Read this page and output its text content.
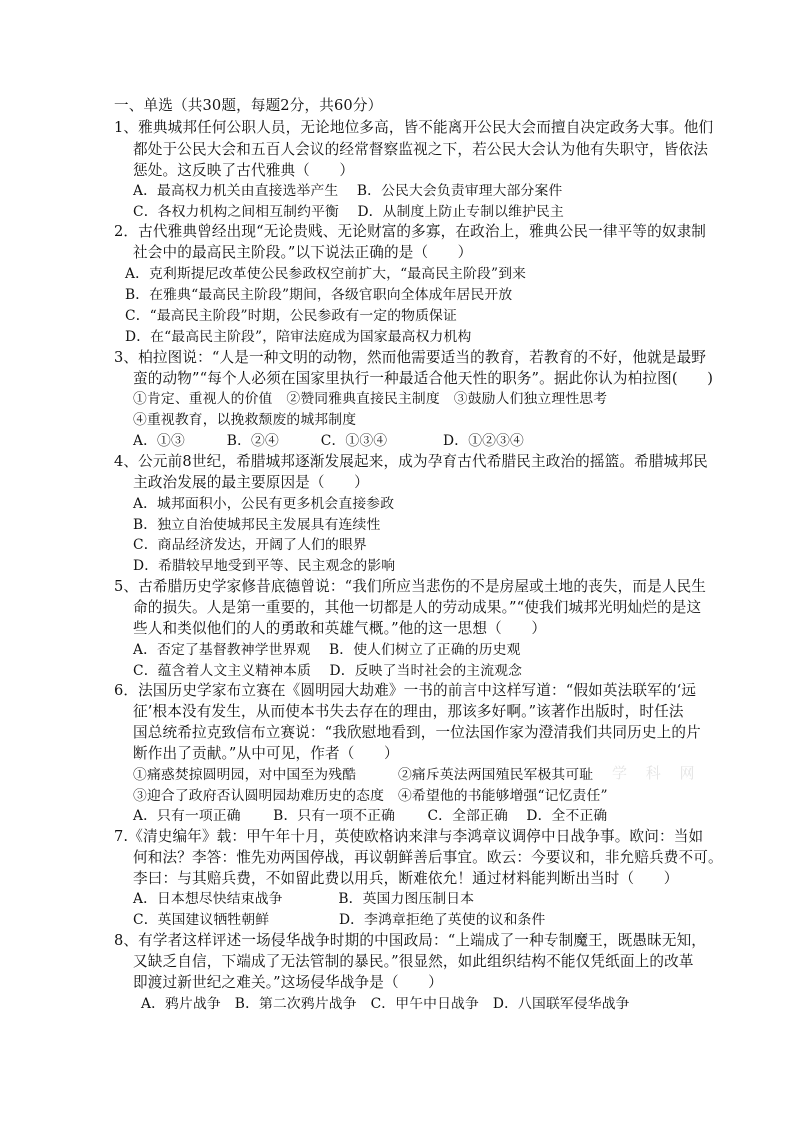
一、单选（共30题，每题2分，共60分）
1、雅典城邦任何公职人员，无论地位多高，皆不能离开公民大会而擅自决定政务大事。他们
都处于公民大会和五百人会议的经常督察监视之下，若公民大会认为他有失职守，皆依法
惩处。这反映了古代雅典（　　）
A．最高权力机关由直接选举产生　 B．公民大会负责审理大部分案件
C．各权力机构之间相互制约平衡　 D．从制度上防止专制以维护民主
2．古代雅典曾经出现“无论贵贱、无论财富的多寡，在政治上，雅典公民一律平等的奴隶制
社会中的最高民主阶段。”以下说法正确的是（　　）
A．克利斯提尼改革使公民参政权空前扩大，“最高民主阶段”到来
B．在雅典“最高民主阶段”期间，各级官职向全体成年居民开放
C．“最高民主阶段”时期，公民参政有一定的物质保证
D．在“最高民主阶段”，陪审法庭成为国家最高权力机构
3、柏拉图说：“人是一种文明的动物，然而他需要适当的教育，若教育的不好，他就是最野
蛮的动物”“每个人必须在国家里执行一种最适合他天性的职务”。据此你认为柏拉图(　　)
①肯定、重视人的价值　②赞同雅典直接民主制度　③鼓励人们独立理性思考
④重视教育，以挽救颓废的城邦制度
A．①③　　　B．②④　　　C．①③④　　　　D．①②③④
4、公元前8世纪，希腊城邦逐渐发展起来，成为孕育古代希腊民主政治的摇篮。希腊城邦民
主政治发展的最主要原因是（　　）
A．城邦面积小，公民有更多机会直接参政
B．独立自治使城邦民主发展具有连续性
C．商品经济发达，开阔了人们的眼界
D．希腊较早地受到平等、民主观念的影响
5、古希腊历史学家修昔底德曾说：“我们所应当悲伤的不是房屋或土地的丧失，而是人民生
命的损失。人是第一重要的，其他一切都是人的劳动成果。”“使我们城邦光明灿烂的是这
些人和类似他们的人的勇敢和英雄气概。”他的这一思想（　　）
A．否定了基督教神学世界观　 B．使人们树立了正确的历史观
C．蕴含着人文主义精神本质　 D．反映了当时社会的主流观念
6．法国历史学家布立赛在《圆明园大劫难》一书的前言中这样写道：“假如英法联军的‘远
征’根本没有发生，从而使本书失去存在的理由，那该多好啊。”该著作出版时，时任法
国总统希拉克致信布立赛说：“我欣慰地看到，一位法国作家为澄清我们共同历史上的片
断作出了贡献。”从中可见，作者（　　）
①痛惑焚掠圆明园，对中国至为残酷　　　②痛斥英法两国殖民军极其可耻
③迎合了政府否认圆明园劫难历史的态度　④希望他的书能够增强“记忆责任”
A．只有一项正确　　 B．只有一项不正确　　 C．全部正确　 D．全不正确
7.《清史编年》载：甲午年十月，英使欧格讷来津与李鸿章议调停中日战争事。欧问：当如
何和法？李答：惟先劝两国停战，再议朝鲜善后事宜。欧云：今要议和，非允赔兵费不可。
李曰：与其赔兵费，不如留此费以用兵，断难依允！通过材料能判断出当时（　　）
A．日本想尽快结束战争　　　　B．英国力图压制日本
C．英国建议牺牲朝鲜　　　　　D．李鸿章拒绝了英使的议和条件
8、有学者这样评述一场侵华战争时期的中国政局：“上端成了一种专制魔王，既愚昧无知，
又缺乏自信，下端成了无法管制的暴民。”很显然，如此组织结构不能仅凭纸面上的改革
即渡过新世纪之难关。”这场侵华战争是（　　）
A．鸦片战争　B．第二次鸦片战争　C．甲午中日战争　D．八国联军侵华战争
学 科 网
